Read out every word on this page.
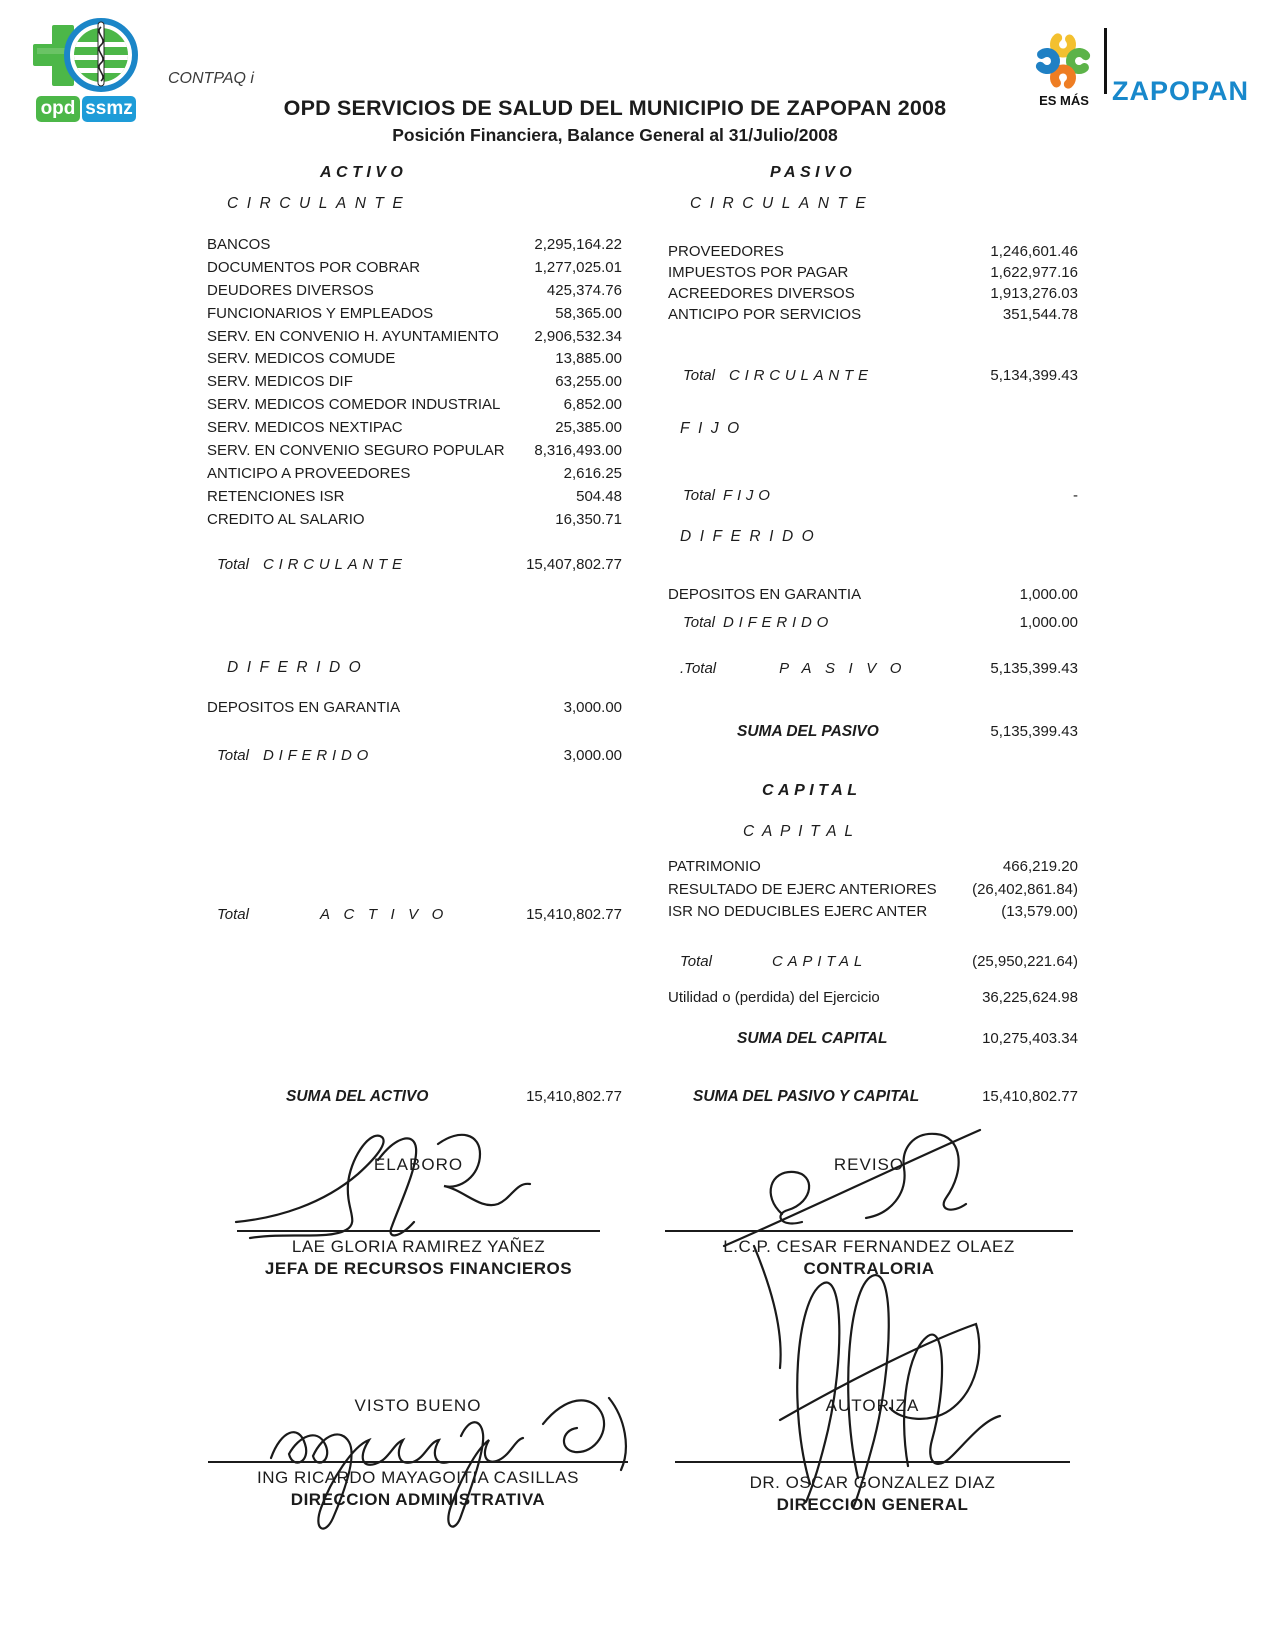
opd ssmz	ES MÁS ZAPOPAN
CONTPAQ i
OPD SERVICIOS DE SALUD DEL MUNICIPIO DE ZAPOPAN 2008
Posición Financiera, Balance General al 31/Julio/2008
ACTIVO
CIRCULANTE
BANCOS	2,295,164.22
DOCUMENTOS POR COBRAR	1,277,025.01
DEUDORES DIVERSOS	425,374.76
FUNCIONARIOS Y EMPLEADOS	58,365.00
SERV. EN CONVENIO H. AYUNTAMIENTO 2,906,532.34
SERV. MEDICOS COMUDE	13,885.00
SERV. MEDICOS DIF	63,255.00
SERV. MEDICOS COMEDOR INDUSTRIAL	6,852.00
SERV. MEDICOS NEXTIPAC	25,385.00
SERV. EN CONVENIO SEGURO POPULAR 8,316,493.00
ANTICIPO A PROVEEDORES	2,616.25
RETENCIONES ISR	504.48
CREDITO AL SALARIO	16,350.71
Total CIRCULANTE	15,407,802.77
DIFERIDO
DEPOSITOS EN GARANTIA	3,000.00
Total DIFERIDO	3,000.00
Total	ACTIVO	15,410,802.77
SUMA DEL ACTIVO	15,410,802.77
PASIVO
CIRCULANTE
PROVEEDORES	1,246,601.46
IMPUESTOS POR PAGAR	1,622,977.16
ACREEDORES DIVERSOS	1,913,276.03
ANTICIPO POR SERVICIOS	351,544.78
Total CIRCULANTE	5,134,399.43
FIJO
Total FIJO	-
DIFERIDO
DEPOSITOS EN GARANTIA	1,000.00
Total DIFERIDO	1,000.00
.Total	PASIVO	5,135,399.43
SUMA DEL PASIVO	5,135,399.43
CAPITAL
CAPITAL
PATRIMONIO	466,219.20
RESULTADO DE EJERC ANTERIORES (26,402,861.84)
ISR NO DEDUCIBLES EJERC ANTER	(13,579.00)
Total	CAPITAL	(25,950,221.64)
Utilidad o (perdida) del Ejercicio	36,225,624.98
SUMA DEL CAPITAL	10,275,403.34
SUMA DEL PASIVO Y CAPITAL	15,410,802.77
ELABORO
LAE GLORIA RAMIREZ YAÑEZ
JEFA DE RECURSOS FINANCIEROS
REVISO
L.C.P. CESAR FERNANDEZ OLAEZ
CONTRALORIA
VISTO BUENO
ING RICARDO MAYAGOITIA CASILLAS
DIRECCION ADMINISTRATIVA
AUTORIZA
DR. OSCAR GONZALEZ DIAZ
DIRECCION GENERAL
